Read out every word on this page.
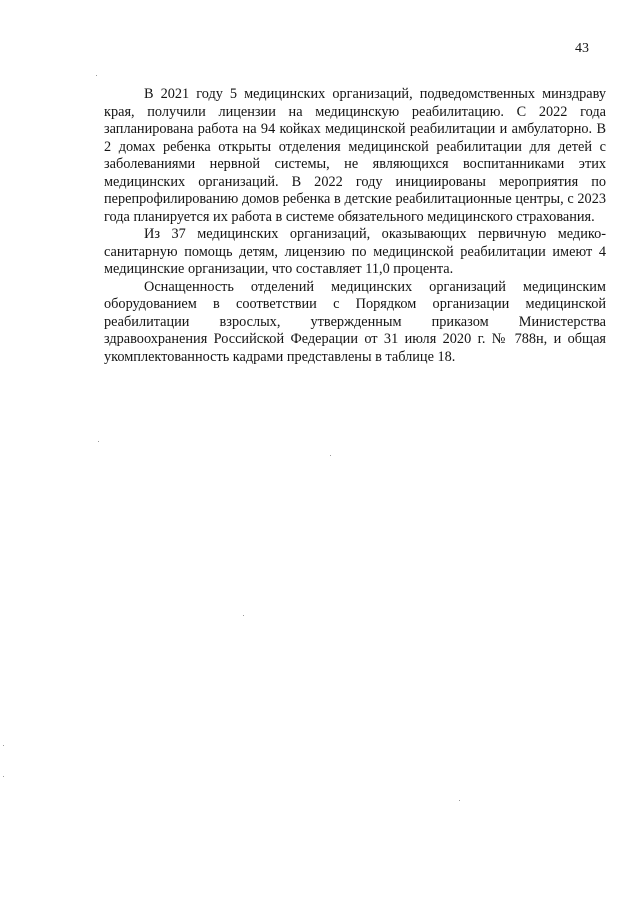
43

В 2021 году 5 медицинских организаций, подведомственных минздраву края, получили лицензии на медицинскую реабилитацию. С 2022 года запланирована работа на 94 койках медицинской реабилитации и амбулаторно. В 2 домах ребенка открыты отделения медицинской реабилитации для детей с заболеваниями нервной системы, не являющихся воспитанниками этих медицинских организаций. В 2022 году инициированы мероприятия по перепрофилированию домов ребенка в детские реабилитационные центры, с 2023 года планируется их работа в системе обязательного медицинского страхования.

Из 37 медицинских организаций, оказывающих первичную медико-санитарную помощь детям, лицензию по медицинской реабилитации имеют 4 медицинские организации, что составляет 11,0 процента.

Оснащенность отделений медицинских организаций медицинским оборудованием в соответствии с Порядком организации медицинской реабилитации взрослых, утвержденным приказом Министерства здравоохранения Российской Федерации от 31 июля 2020 г. № 788н, и общая укомплектованность кадрами представлены в таблице 18.
